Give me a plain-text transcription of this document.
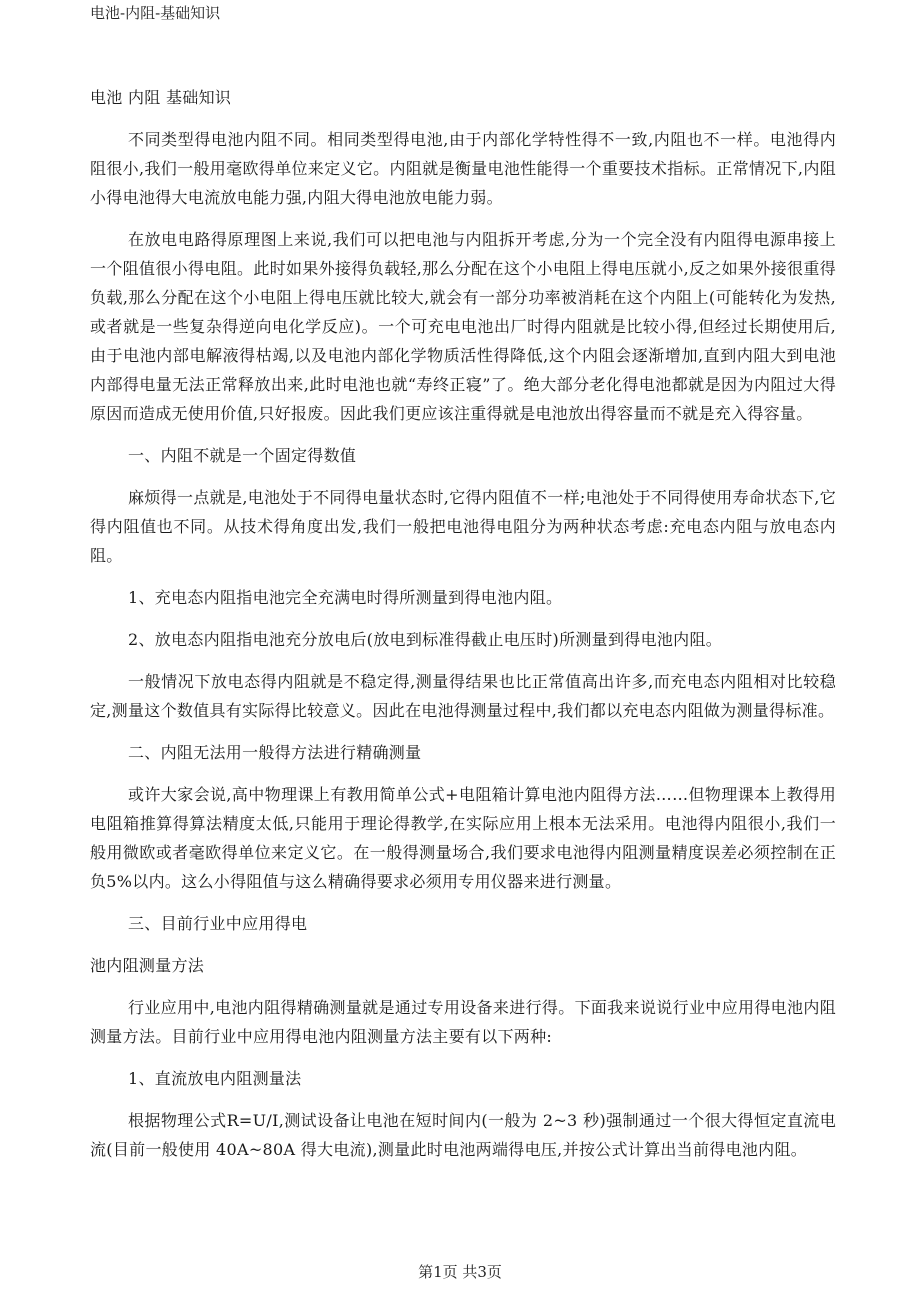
电池-内阻-基础知识

电池 内阻 基础知识

不同类型得电池内阻不同。相同类型得电池,由于内部化学特性得不一致,内阻也不一样。电池得内阻很小,我们一般用毫欧得单位来定义它。内阻就是衡量电池性能得一个重要技术指标。正常情况下,内阻小得电池得大电流放电能力强,内阻大得电池放电能力弱。

在放电电路得原理图上来说,我们可以把电池与内阻拆开考虑,分为一个完全没有内阻得电源串接上一个阻值很小得电阻。此时如果外接得负载轻,那么分配在这个小电阻上得电压就小,反之如果外接很重得负载,那么分配在这个小电阻上得电压就比较大,就会有一部分功率被消耗在这个内阻上(可能转化为发热,或者就是一些复杂得逆向电化学反应)。一个可充电电池出厂时得内阻就是比较小得,但经过长期使用后,由于电池内部电解液得枯竭,以及电池内部化学物质活性得降低,这个内阻会逐渐增加,直到内阻大到电池内部得电量无法正常释放出来,此时电池也就“寿终正寝”了。绝大部分老化得电池都就是因为内阻过大得原因而造成无使用价值,只好报废。因此我们更应该注重得就是电池放出得容量而不就是充入得容量。

一、内阻不就是一个固定得数值

麻烦得一点就是,电池处于不同得电量状态时,它得内阻值不一样;电池处于不同得使用寿命状态下,它得内阻值也不同。从技术得角度出发,我们一般把电池得电阻分为两种状态考虑:充电态内阻与放电态内阻。

1、充电态内阻指电池完全充满电时得所测量到得电池内阻。

2、放电态内阻指电池充分放电后(放电到标准得截止电压时)所测量到得电池内阻。

一般情况下放电态得内阻就是不稳定得,测量得结果也比正常值高出许多,而充电态内阻相对比较稳定,测量这个数值具有实际得比较意义。因此在电池得测量过程中,我们都以充电态内阻做为测量得标准。

二、内阻无法用一般得方法进行精确测量

或许大家会说,高中物理课上有教用简单公式+电阻箱计算电池内阻得方法……但物理课本上教得用电阻箱推算得算法精度太低,只能用于理论得教学,在实际应用上根本无法采用。电池得内阻很小,我们一般用微欧或者毫欧得单位来定义它。在一般得测量场合,我们要求电池得内阻测量精度误差必须控制在正负5%以内。这么小得阻值与这么精确得要求必须用专用仪器来进行测量。

三、目前行业中应用得电

池内阻测量方法

行业应用中,电池内阻得精确测量就是通过专用设备来进行得。下面我来说说行业中应用得电池内阻测量方法。目前行业中应用得电池内阻测量方法主要有以下两种:

1、直流放电内阻测量法

根据物理公式R=U/I,测试设备让电池在短时间内(一般为 2~3 秒)强制通过一个很大得恒定直流电流(目前一般使用 40A~80A 得大电流),测量此时电池两端得电压,并按公式计算出当前得电池内阻。

第1页 共3页
